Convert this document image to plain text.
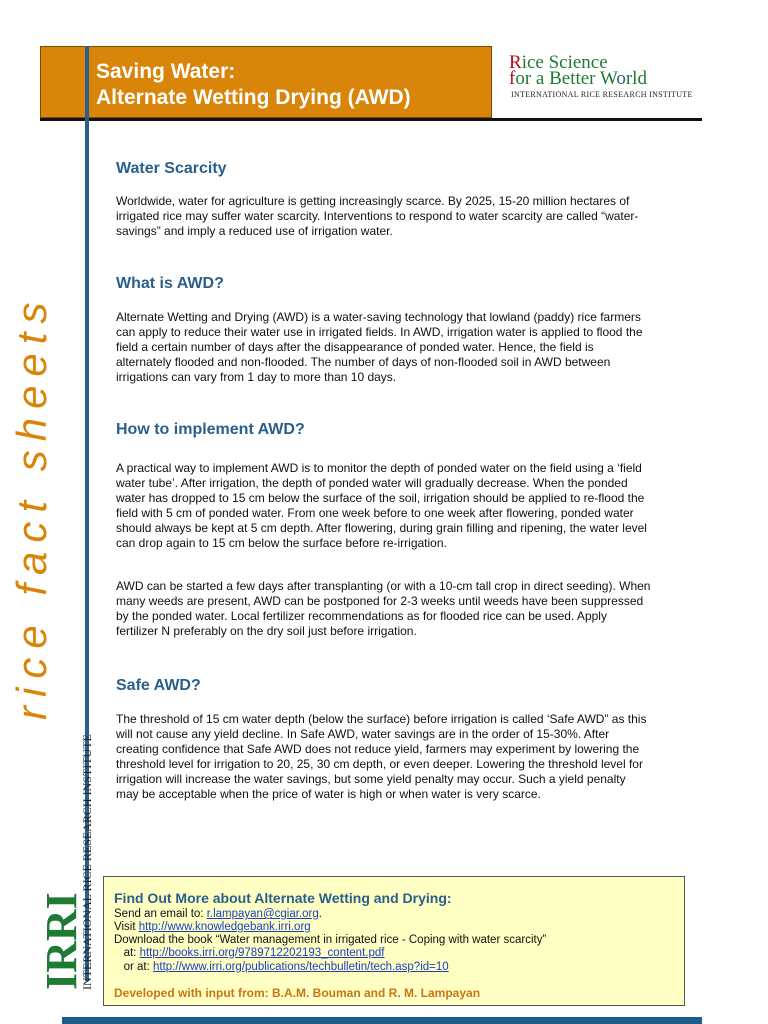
Saving Water:
Alternate Wetting Drying (AWD)
Rice Science
for a Better World
INTERNATIONAL RICE RESEARCH INSTITUTE
rice fact sheets
IRRI
INTERNATIONAL RICE RESEARCH INSTITUTE
Water Scarcity
Worldwide, water for agriculture is getting increasingly scarce. By 2025, 15-20 million hectares of irrigated rice may suffer water scarcity. Interventions to respond to water scarcity are called “water-savings” and imply a reduced use of irrigation water.
What is AWD?
Alternate Wetting and Drying (AWD) is a water-saving technology that lowland (paddy) rice farmers can apply to reduce their water use in irrigated fields. In AWD, irrigation water is applied to flood the field a certain number of days after the disappearance of ponded water. Hence, the field is alternately flooded and non-flooded. The number of days of non-flooded soil in AWD between irrigations can vary from 1 day to more than 10 days.
How to implement AWD?
A practical way to implement AWD is to monitor the depth of ponded water on the field using a ‘field water tube’. After irrigation, the depth of ponded water will gradually decrease. When the ponded water has dropped to 15 cm below the surface of the soil, irrigation should be applied to re-flood the field with 5 cm of ponded water. From one week before to one week after flowering, ponded water should always be kept at 5 cm depth. After flowering, during grain filling and ripening, the water level can drop again to 15 cm below the surface before re-irrigation.
AWD can be started a few days after transplanting (or with a 10-cm tall crop in direct seeding). When many weeds are present, AWD can be postponed for 2-3 weeks until weeds have been suppressed by the ponded water. Local fertilizer recommendations as for flooded rice can be used. Apply fertilizer N preferably on the dry soil just before irrigation.
Safe AWD?
The threshold of 15 cm water depth (below the surface) before irrigation is called ‘Safe AWD” as this will not cause any yield decline. In Safe AWD, water savings are in the order of 15-30%. After creating confidence that Safe AWD does not reduce yield, farmers may experiment by lowering the threshold level for irrigation to 20, 25, 30 cm depth, or even deeper. Lowering the threshold level for irrigation will increase the water savings, but some yield penalty may occur. Such a yield penalty may be acceptable when the price of water is high or when water is very scarce.
Find Out More about Alternate Wetting and Drying:
Send an email to: r.lampayan@cgiar.org.
Visit http://www.knowledgebank.irri.org
Download the book “Water management in irrigated rice - Coping with water scarcity”
at: http://books.irri.org/9789712202193_content.pdf
or at: http://www.irri.org/publications/techbulletin/tech.asp?id=10
Developed with input from: B.A.M. Bouman and R. M. Lampayan
